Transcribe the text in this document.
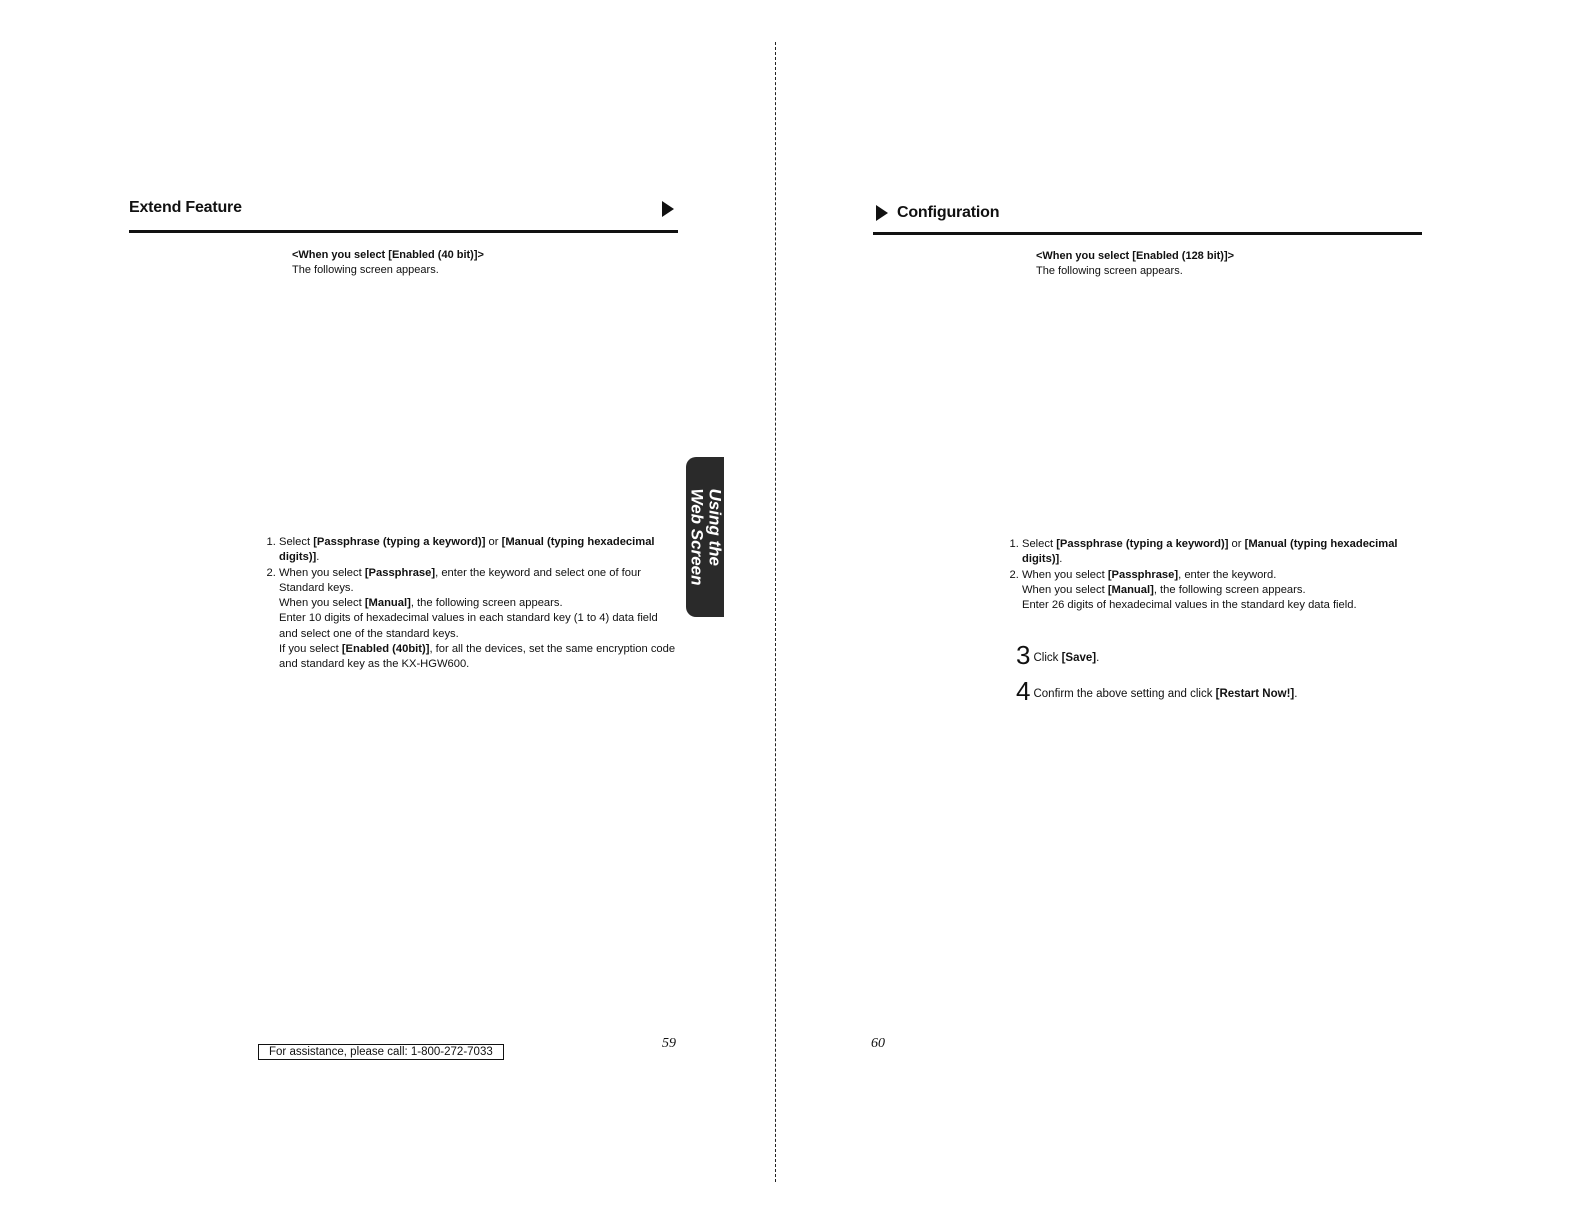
Extend Feature
<When you select [Enabled (40 bit)]>
The following screen appears.
1. Select [Passphrase (typing a keyword)] or [Manual (typing hexadecimal digits)].
2. When you select [Passphrase], enter the keyword and select one of four Standard keys.
When you select [Manual], the following screen appears.
Enter 10 digits of hexadecimal values in each standard key (1 to 4) data field and select one of the standard keys.
If you select [Enabled (40bit)], for all the devices, set the same encryption code and standard key as the KX-HGW600.
Using the
Web Screen
For assistance, please call: 1-800-272-7033
59
Configuration
<When you select [Enabled (128 bit)]>
The following screen appears.
1. Select [Passphrase (typing a keyword)] or [Manual (typing hexadecimal digits)].
2. When you select [Passphrase], enter the keyword.
When you select [Manual], the following screen appears.
Enter 26 digits of hexadecimal values in the standard key data field.
3 Click [Save].
4 Confirm the above setting and click [Restart Now!].
60
